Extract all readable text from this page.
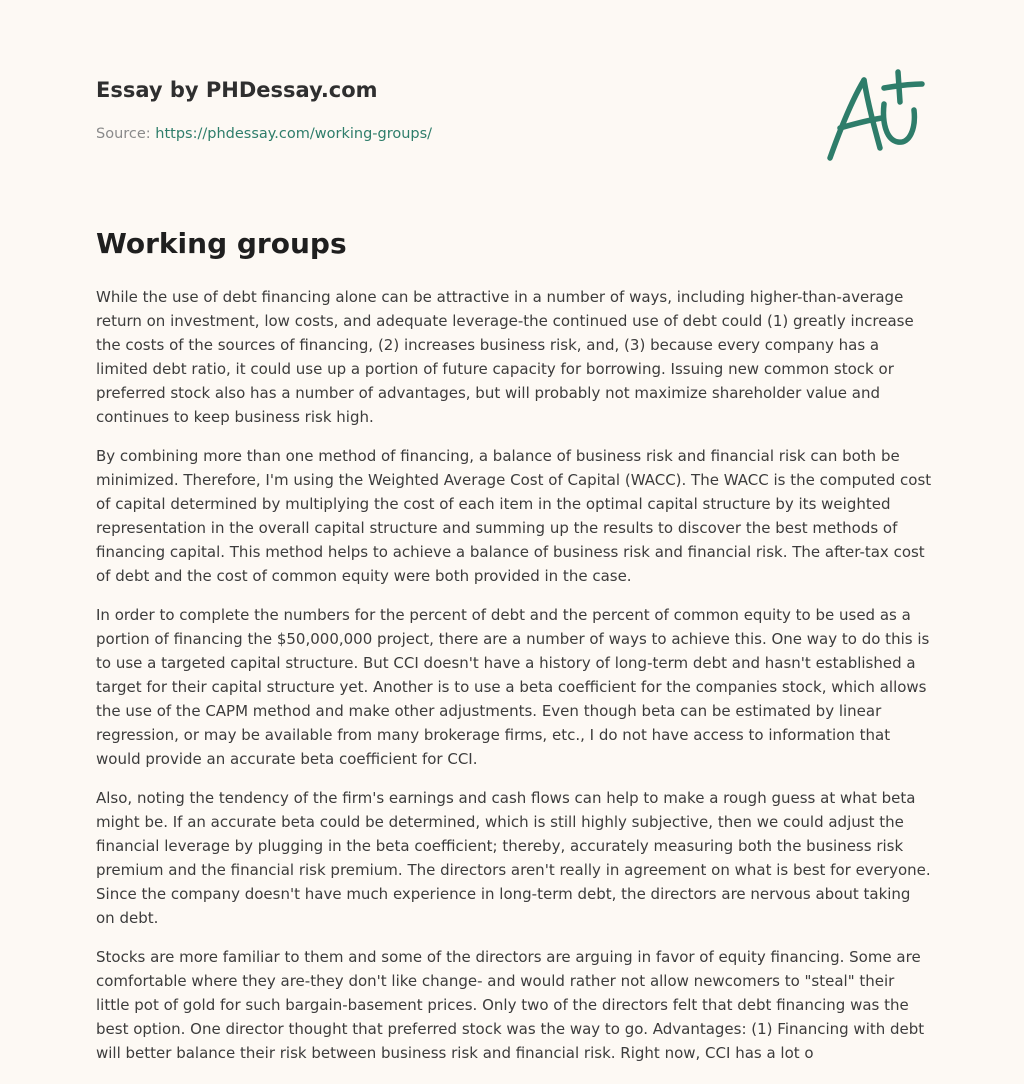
Essay by PHDessay.com
Source: https://phdessay.com/working-groups/
Working groups

While the use of debt financing alone can be attractive in a number of ways, including higher-than-average return on investment, low costs, and adequate leverage-the continued use of debt could (1) greatly increase the costs of the sources of financing, (2) increases business risk, and, (3) because every company has a limited debt ratio, it could use up a portion of future capacity for borrowing. Issuing new common stock or preferred stock also has a number of advantages, but will probably not maximize shareholder value and continues to keep business risk high.

By combining more than one method of financing, a balance of business risk and financial risk can both be minimized. Therefore, I'm using the Weighted Average Cost of Capital (WACC). The WACC is the computed cost of capital determined by multiplying the cost of each item in the optimal capital structure by its weighted representation in the overall capital structure and summing up the results to discover the best methods of financing capital. This method helps to achieve a balance of business risk and financial risk. The after-tax cost of debt and the cost of common equity were both provided in the case.

In order to complete the numbers for the percent of debt and the percent of common equity to be used as a portion of financing the $50,000,000 project, there are a number of ways to achieve this. One way to do this is to use a targeted capital structure. But CCI doesn't have a history of long-term debt and hasn't established a target for their capital structure yet. Another is to use a beta coefficient for the companies stock, which allows the use of the CAPM method and make other adjustments. Even though beta can be estimated by linear regression, or may be available from many brokerage firms, etc., I do not have access to information that would provide an accurate beta coefficient for CCI.

Also, noting the tendency of the firm's earnings and cash flows can help to make a rough guess at what beta might be. If an accurate beta could be determined, which is still highly subjective, then we could adjust the financial leverage by plugging in the beta coefficient; thereby, accurately measuring both the business risk premium and the financial risk premium. The directors aren't really in agreement on what is best for everyone. Since the company doesn't have much experience in long-term debt, the directors are nervous about taking on debt.

Stocks are more familiar to them and some of the directors are arguing in favor of equity financing. Some are comfortable where they are-they don't like change- and would rather not allow newcomers to "steal" their little pot of gold for such bargain-basement prices. Only two of the directors felt that debt financing was the best option. One director thought that preferred stock was the way to go. Advantages: (1) Financing with debt will better balance their risk between business risk and financial risk. Right now, CCI has a lot o
